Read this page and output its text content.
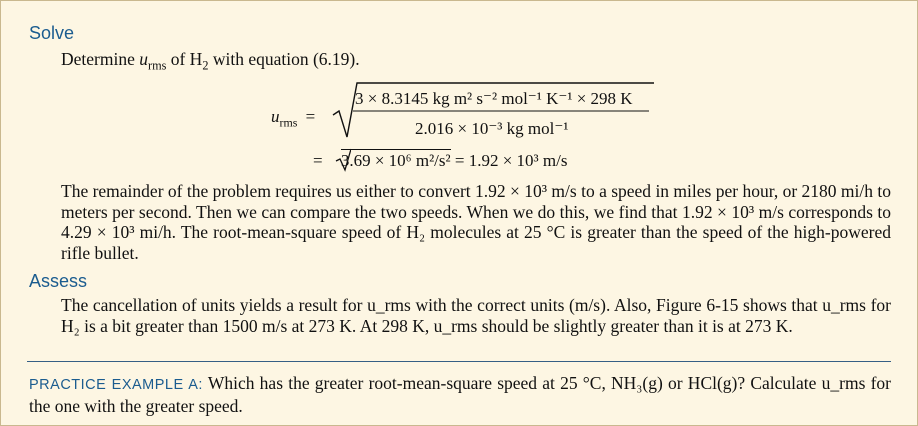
Solve
Determine $u_{rms}$ of $H_2$ with equation (6.19).
$u_{rms}$ =
3 × 8.3145 kg m² s⁻² mol⁻¹ K⁻¹ × 298 K
2.016 × 10⁻³ kg mol⁻¹
= 3.69 × 10⁶ m²/s² = 1.92 × 10³ m/s
The remainder of the problem requires us either to convert 1.92 × 10³ m/s to a speed in miles per hour, or 2180 mi/h to meters per second. Then we can compare the two speeds. When we do this, we find that 1.92 × 10³ m/s corresponds to 4.29 × 10³ mi/h. The root-mean-square speed of H₂ molecules at 25 °C is greater than the speed of the high-powered rifle bullet.
Assess
The cancellation of units yields a result for u_rms with the correct units (m/s). Also, Figure 6-15 shows that u_rms for H₂ is a bit greater than 1500 m/s at 273 K. At 298 K, u_rms should be slightly greater than it is at 273 K.
PRACTICE EXAMPLE A: Which has the greater root-mean-square speed at 25 °C, NH₃(g) or HCl(g)? Calculate u_rms for the one with the greater speed.
